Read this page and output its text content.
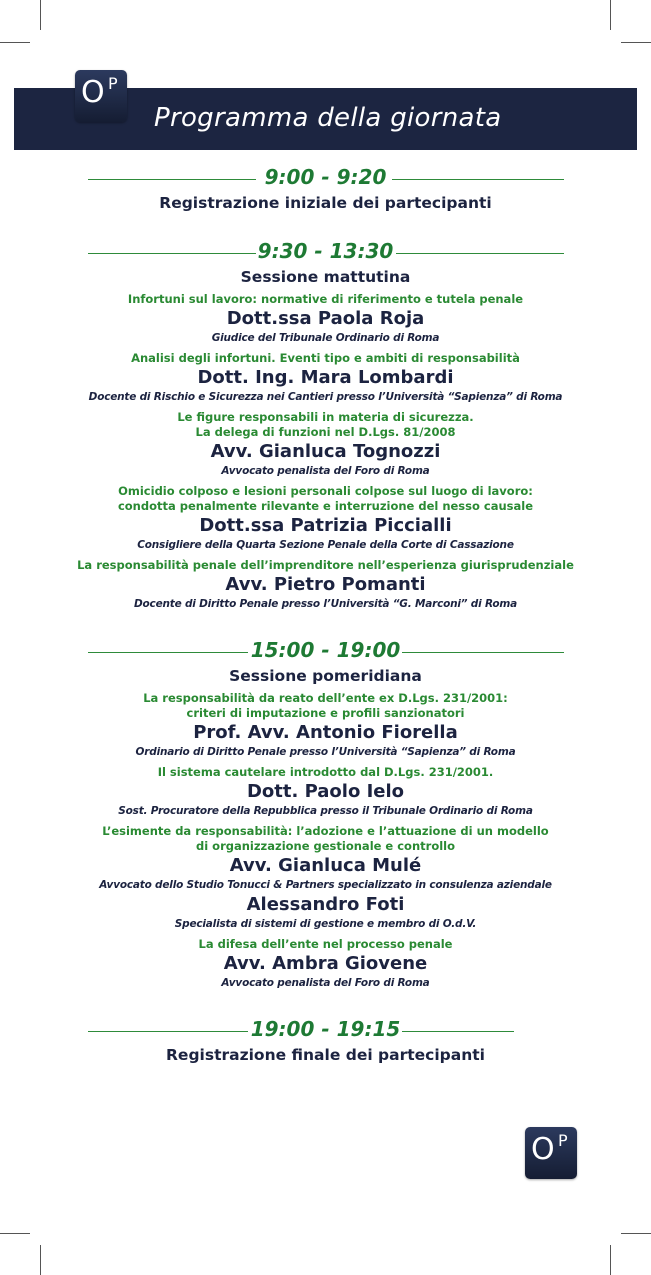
O P
Programma della giornata
9:00 - 9:20
Registrazione iniziale dei partecipanti
9:30 - 13:30
Sessione mattutina
Infortuni sul lavoro: normative di riferimento e tutela penale
Dott.ssa Paola Roja
Giudice del Tribunale Ordinario di Roma
Analisi degli infortuni. Eventi tipo e ambiti di responsabilità
Dott. Ing. Mara Lombardi
Docente di Rischio e Sicurezza nei Cantieri presso l’Università “Sapienza” di Roma
Le figure responsabili in materia di sicurezza.
La delega di funzioni nel D.Lgs. 81/2008
Avv. Gianluca Tognozzi
Avvocato penalista del Foro di Roma
Omicidio colposo e lesioni personali colpose sul luogo di lavoro:
condotta penalmente rilevante e interruzione del nesso causale
Dott.ssa Patrizia Piccialli
Consigliere della Quarta Sezione Penale della Corte di Cassazione
La responsabilità penale dell’imprenditore nell’esperienza giurisprudenziale
Avv. Pietro Pomanti
Docente di Diritto Penale presso l’Università “G. Marconi” di Roma
15:00 - 19:00
Sessione pomeridiana
La responsabilità da reato dell’ente ex D.Lgs. 231/2001:
criteri di imputazione e profili sanzionatori
Prof. Avv. Antonio Fiorella
Ordinario di Diritto Penale presso l’Università “Sapienza” di Roma
Il sistema cautelare introdotto dal D.Lgs. 231/2001.
Dott. Paolo Ielo
Sost. Procuratore della Repubblica presso il Tribunale Ordinario di Roma
L’esimente da responsabilità: l’adozione e l’attuazione di un modello
di organizzazione gestionale e controllo
Avv. Gianluca Mulé
Avvocato dello Studio Tonucci & Partners specializzato in consulenza aziendale
Alessandro Foti
Specialista di sistemi di gestione e membro di O.d.V.
La difesa dell’ente nel processo penale
Avv. Ambra Giovene
Avvocato penalista del Foro di Roma
19:00 - 19:15
Registrazione finale dei partecipanti
O P
